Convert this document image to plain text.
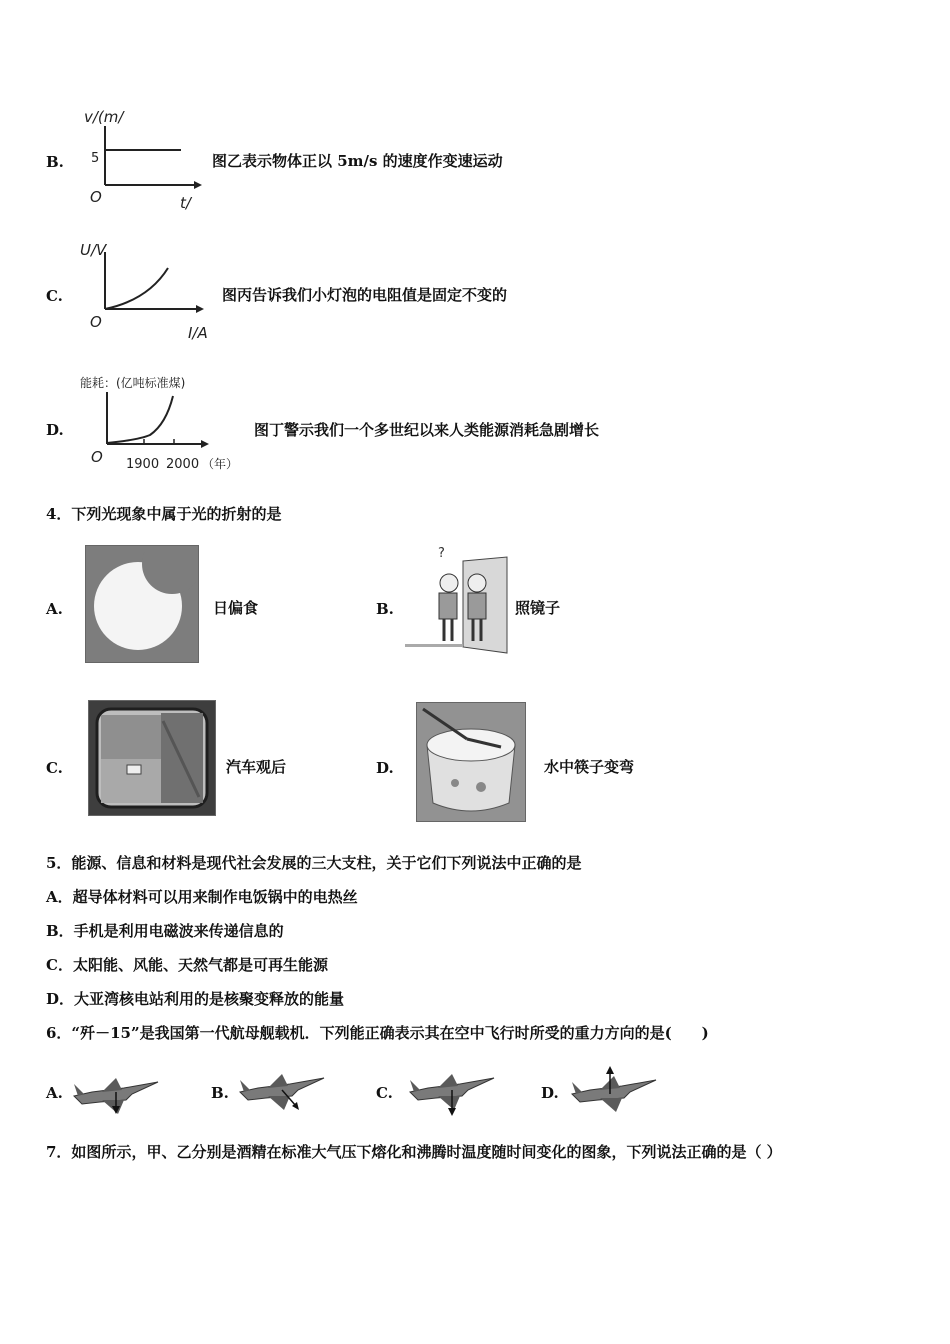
B.
v/(m/
5
O	t/
图乙表示物体正以 5m/s 的速度作变速运动
C.
U/V
O
I/A
图丙告诉我们小灯泡的电阻值是固定不变的
D.
能耗：(亿吨标准煤)
O 1900 2000 （年）
图丁警示我们一个多世纪以来人类能源消耗急剧增长
4．下列光现象中属于光的折射的是
A.	日偏食	B.
?
照镜子
C.	汽车观后	D.	水中筷子变弯
5．能源、信息和材料是现代社会发展的三大支柱，关于它们下列说法中正确的是
A．超导体材料可以用来制作电饭锅中的电热丝
B．手机是利用电磁波来传递信息的
C．太阳能、风能、天然气都是可再生能源
D．大亚湾核电站利用的是核聚变释放的能量
6．“歼－15”是我国第一代航母舰载机．下列能正确表示其在空中飞行时所受的重力方向的是(　　)
A.	B.	C.	D.
7．如图所示，甲、乙分别是酒精在标准大气压下熔化和沸腾时温度随时间变化的图象，下列说法正确的是（ ）
